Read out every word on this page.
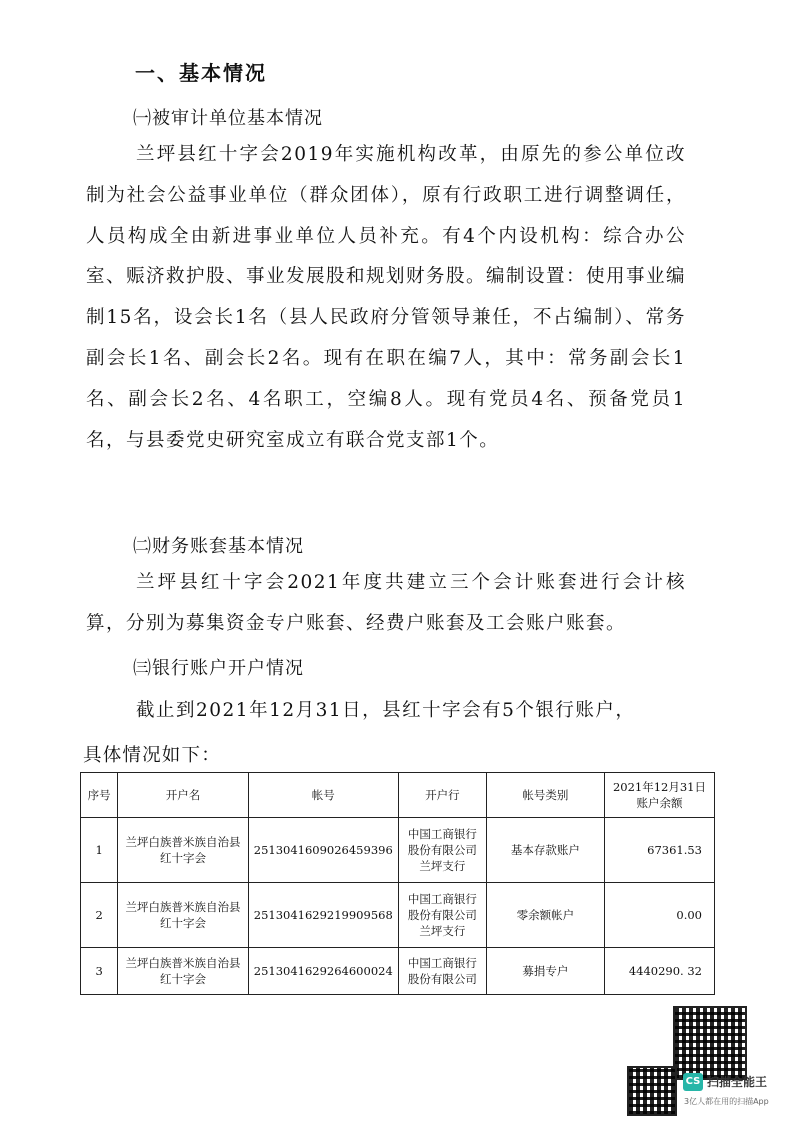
一、基本情况
㈠被审计单位基本情况
兰坪县红十字会2019年实施机构改革，由原先的参公单位改制为社会公益事业单位（群众团体），原有行政职工进行调整调任，人员构成全由新进事业单位人员补充。有4个内设机构：综合办公室、赈济救护股、事业发展股和规划财务股。编制设置：使用事业编制15名，设会长1名（县人民政府分管领导兼任，不占编制）、常务副会长1名、副会长2名。现有在职在编7人，其中：常务副会长1名、副会长2名、4名职工，空编8人。现有党员4名、预备党员1名，与县委党史研究室成立有联合党支部1个。
㈡财务账套基本情况
兰坪县红十字会2021年度共建立三个会计账套进行会计核算，分别为募集资金专户账套、经费户账套及工会账户账套。
㈢银行账户开户情况
截止到2021年12月31日，县红十字会有5个银行账户，
具体情况如下：
序号	开户名	帐号	开户行	帐号类别	2021年12月31日账户余额
1	兰坪白族普米族自治县红十字会	2513041609026459396	中国工商银行股份有限公司兰坪支行	基本存款账户	67361.53
2	兰坪白族普米族自治县红十字会	2513041629219909568	中国工商银行股份有限公司兰坪支行	零余额帐户	0.00
3	兰坪白族普米族自治县红十字会	2513041629264600024	中国工商银行股份有限公司	募捐专户	4440290. 32
CS 扫描全能王
3亿人都在用的扫描App
